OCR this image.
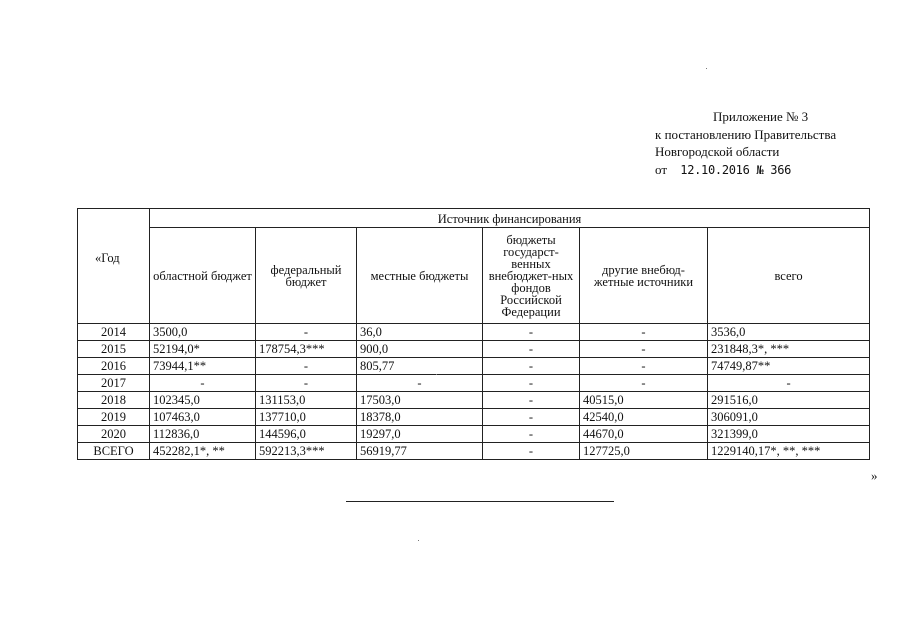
Приложение № 3
к постановлению Правительства
Новгородской области
от 12.10.2016 № 366
«Год	Источник финансирования					
	областной бюджет	федеральный бюджет	местные бюджеты	бюджеты государст-венных внебюджет-ных фондов Российской Федерации	другие внебюд-жетные источники	всего
2014	3500,0	-	36,0	-	-	3536,0
2015	52194,0*	178754,3***	900,0	-	-	231848,3*, ***
2016	73944,1**	-	805,77	-	-	74749,87**
2017	-	-	-	-	-	-
2018	102345,0	131153,0	17503,0	-	40515,0	291516,0
2019	107463,0	137710,0	18378,0	-	42540,0	306091,0
2020	112836,0	144596,0	19297,0	-	44670,0	321399,0
ВСЕГО	452282,1*, **	592213,3***	56919,77	-	127725,0	1229140,17*, **, ***
»
